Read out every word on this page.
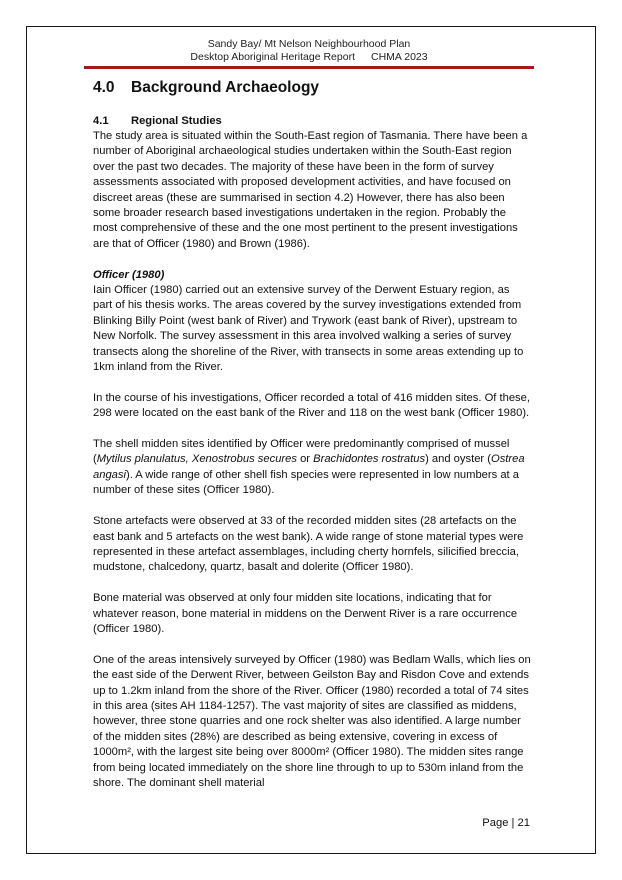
Sandy Bay/ Mt Nelson Neighbourhood Plan
Desktop Aboriginal Heritage Report CHMA 2023
4.0 Background Archaeology
4.1 Regional Studies

The study area is situated within the South-East region of Tasmania. There have been a number of Aboriginal archaeological studies undertaken within the South-East region over the past two decades. The majority of these have been in the form of survey assessments associated with proposed development activities, and have focused on discreet areas (these are summarised in section 4.2) However, there has also been some broader research based investigations undertaken in the region. Probably the most comprehensive of these and the one most pertinent to the present investigations are that of Officer (1980) and Brown (1986).

Officer (1980)

Iain Officer (1980) carried out an extensive survey of the Derwent Estuary region, as part of his thesis works. The areas covered by the survey investigations extended from Blinking Billy Point (west bank of River) and Trywork (east bank of River), upstream to New Norfolk. The survey assessment in this area involved walking a series of survey transects along the shoreline of the River, with transects in some areas extending up to 1km inland from the River.

In the course of his investigations, Officer recorded a total of 416 midden sites. Of these, 298 were located on the east bank of the River and 118 on the west bank (Officer 1980).

The shell midden sites identified by Officer were predominantly comprised of mussel (Mytilus planulatus, Xenostrobus secures or Brachidontes rostratus) and oyster (Ostrea angasi). A wide range of other shell fish species were represented in low numbers at a number of these sites (Officer 1980).

Stone artefacts were observed at 33 of the recorded midden sites (28 artefacts on the east bank and 5 artefacts on the west bank). A wide range of stone material types were represented in these artefact assemblages, including cherty hornfels, silicified breccia, mudstone, chalcedony, quartz, basalt and dolerite (Officer 1980).

Bone material was observed at only four midden site locations, indicating that for whatever reason, bone material in middens on the Derwent River is a rare occurrence (Officer 1980).

One of the areas intensively surveyed by Officer (1980) was Bedlam Walls, which lies on the east side of the Derwent River, between Geilston Bay and Risdon Cove and extends up to 1.2km inland from the shore of the River. Officer (1980) recorded a total of 74 sites in this area (sites AH 1184-1257). The vast majority of sites are classified as middens, however, three stone quarries and one rock shelter was also identified. A large number of the midden sites (28%) are described as being extensive, covering in excess of 1000m², with the largest site being over 8000m² (Officer 1980). The midden sites range from being located immediately on the shore line through to up to 530m inland from the shore. The dominant shell material

Page | 21
